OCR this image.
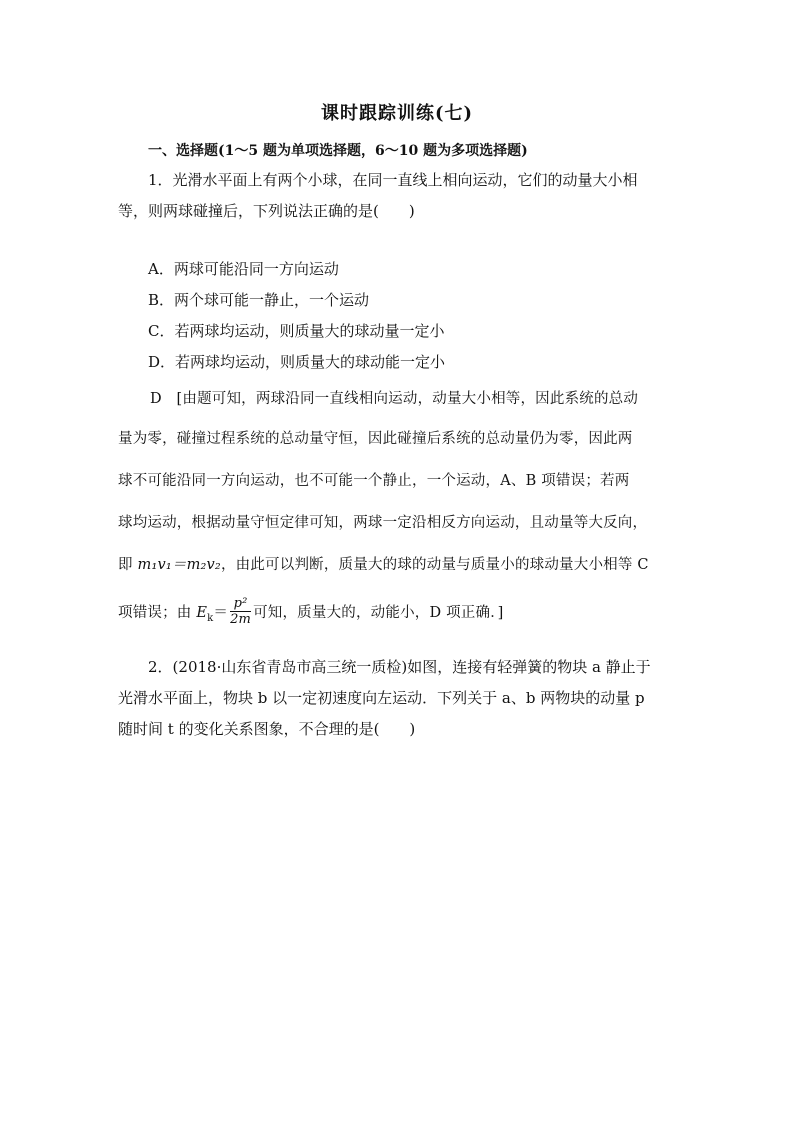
课时跟踪训练(七)
一、选择题(1～5 题为单项选择题，6～10 题为多项选择题)
1．光滑水平面上有两个小球，在同一直线上相向运动，它们的动量大小相
等，则两球碰撞后，下列说法正确的是(　　)
A．两球可能沿同一方向运动
B．两个球可能一静止，一个运动
C．若两球均运动，则质量大的球动量一定小
D．若两球均运动，则质量大的球动能一定小
D　[由题可知，两球沿同一直线相向运动，动量大小相等，因此系统的总动
量为零，碰撞过程系统的总动量守恒，因此碰撞后系统的总动量仍为零，因此两
球不可能沿同一方向运动，也不可能一个静止，一个运动，A、B 项错误；若两
球均运动，根据动量守恒定律可知，两球一定沿相反方向运动，且动量等大反向，
即 m₁v₁＝m₂v₂，由此可以判断，质量大的球的动量与质量小的球动量大小相等 C
项错误；由 $E_k= \frac{\text{p²}}{2m}$ 可知，质量大的，动能小，D 项正确．]
2．(2018·山东省青岛市高三统一质检)如图，连接有轻弹簧的物块 a 静止于
光滑水平面上，物块 b 以一定初速度向左运动．下列关于 a、b 两物块的动量 p
随时间 t 的变化关系图象，不合理的是(　　)
